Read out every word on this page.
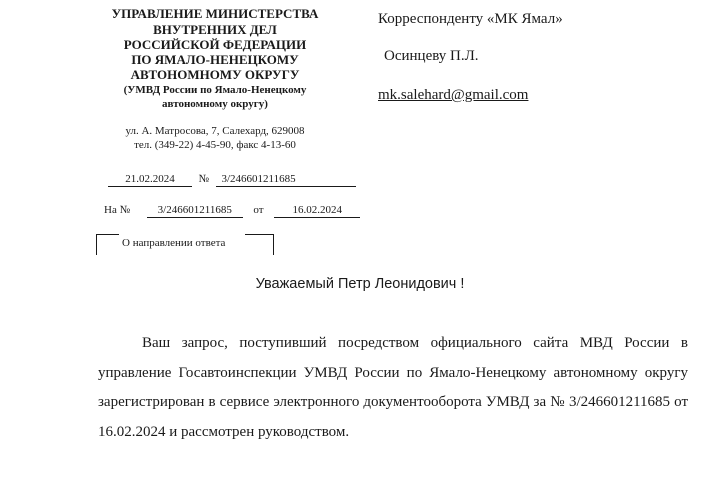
УПРАВЛЕНИЕ МИНИСТЕРСТВА
ВНУТРЕННИХ ДЕЛ
РОССИЙСКОЙ ФЕДЕРАЦИИ
ПО ЯМАЛО-НЕНЕЦКОМУ
АВТОНОМНОМУ ОКРУГУ
(УМВД России по Ямало-Ненецкому
автономному округу)
ул. А. Матросова, 7, Салехард, 629008
тел. (349-22) 4-45-90, факс 4-13-60
21.02.2024 № 3/246601211685
На №	3/246601211685 от	16.02.2024
О направлении ответа
Корреспонденту «МК Ямал»
Осинцеву П.Л.
mk.salehard@gmail.com
Уважаемый Петр Леонидович !
Ваш запрос, поступивший посредством официального сайта МВД России в управление Госавтоинспекции УМВД России по Ямало-Ненецкому автономному округу зарегистрирован в сервисе электронного документооборота УМВД за № 3/246601211685 от 16.02.2024 и рассмотрен руководством.
